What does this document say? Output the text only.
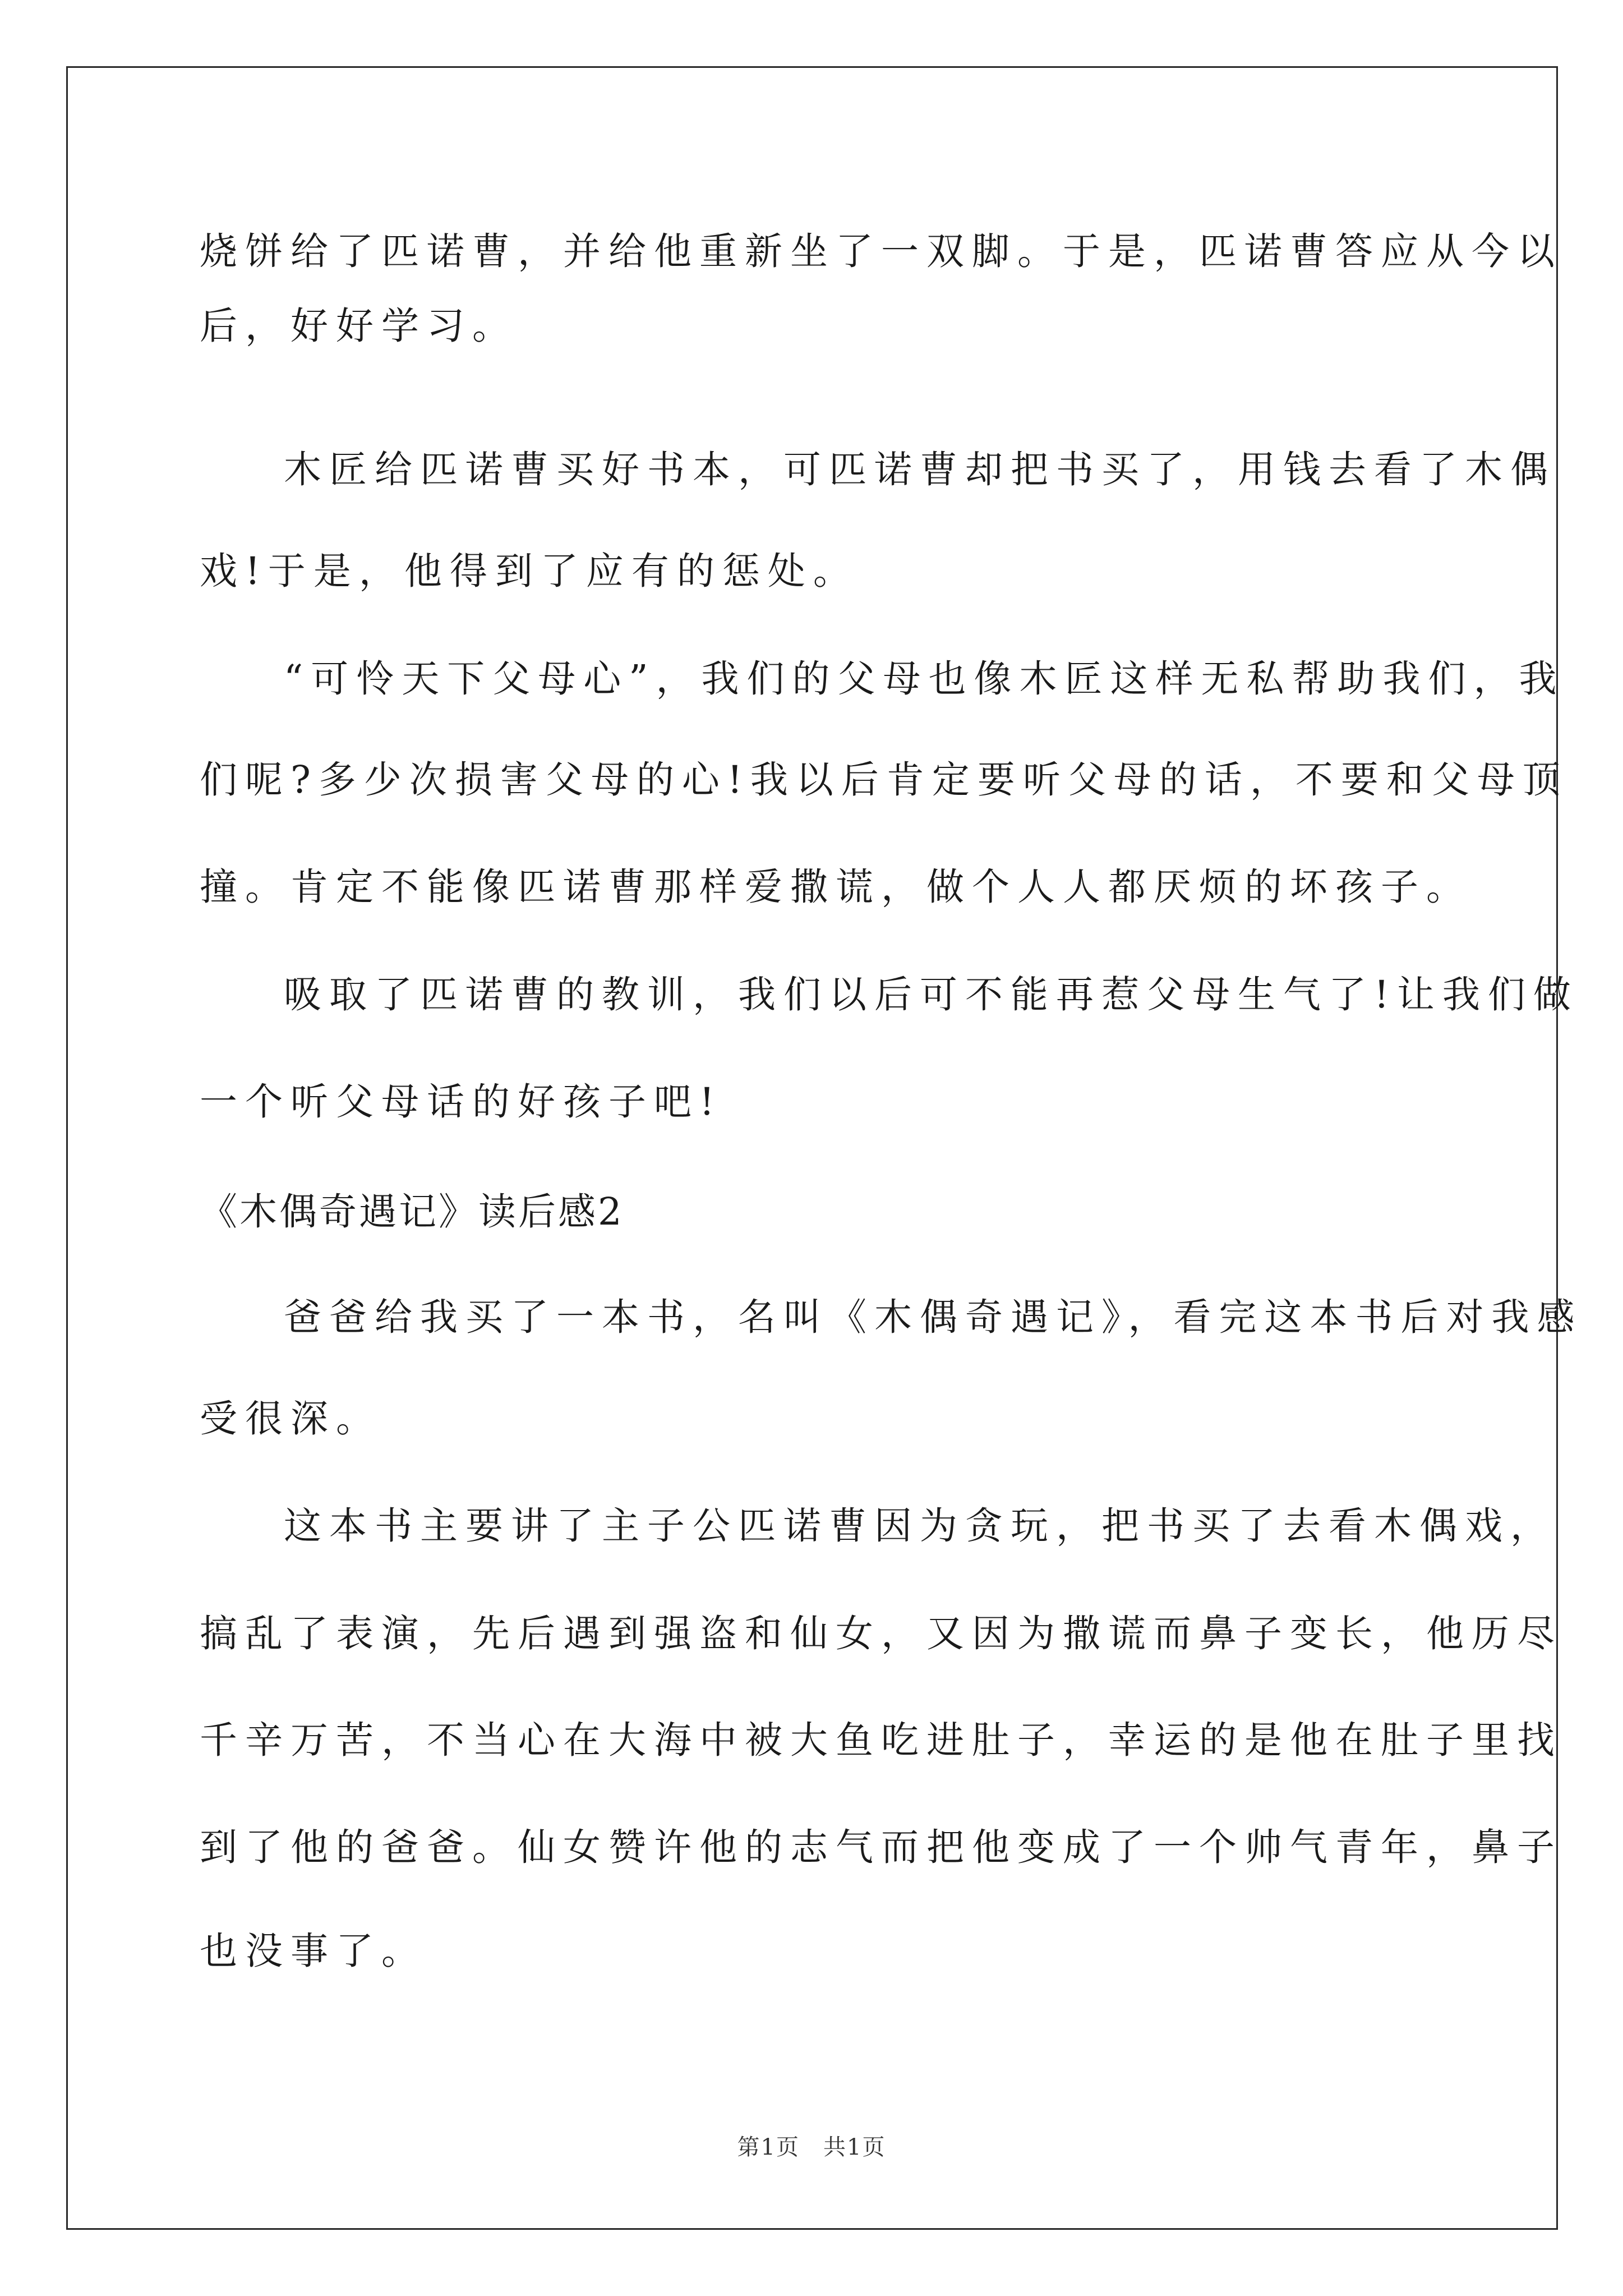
烧饼给了匹诺曹，并给他重新坐了一双脚。于是，匹诺曹答应从今以
后，好好学习。
木匠给匹诺曹买好书本，可匹诺曹却把书买了，用钱去看了木偶
戏!于是，他得到了应有的惩处。
“可怜天下父母心”，我们的父母也像木匠这样无私帮助我们，我
们呢?多少次损害父母的心!我以后肯定要听父母的话，不要和父母顶
撞。肯定不能像匹诺曹那样爱撒谎，做个人人都厌烦的坏孩子。
吸取了匹诺曹的教训，我们以后可不能再惹父母生气了!让我们做
一个听父母话的好孩子吧!
《木偶奇遇记》读后感2
爸爸给我买了一本书，名叫《木偶奇遇记》，看完这本书后对我感
受很深。
这本书主要讲了主子公匹诺曹因为贪玩，把书买了去看木偶戏，
搞乱了表演，先后遇到强盗和仙女，又因为撒谎而鼻子变长，他历尽
千辛万苦，不当心在大海中被大鱼吃进肚子，幸运的是他在肚子里找
到了他的爸爸。仙女赞许他的志气而把他变成了一个帅气青年，鼻子
也没事了。
第1页　共1页
